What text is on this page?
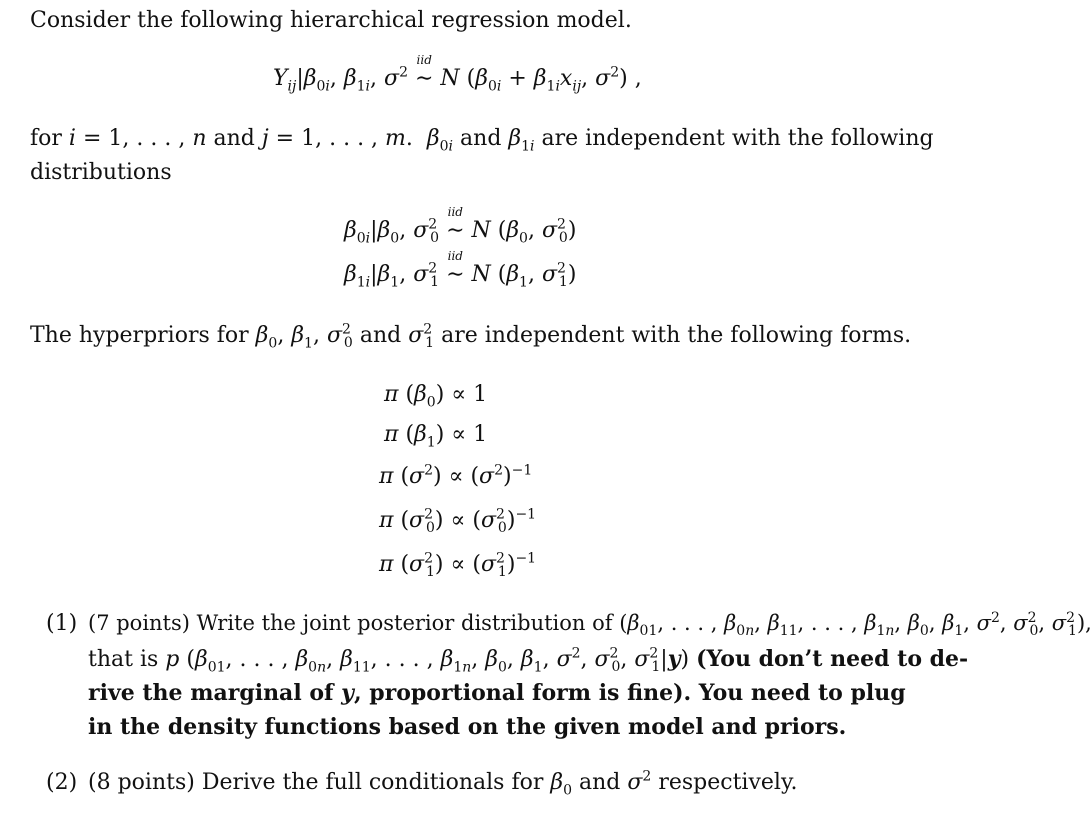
Consider the following hierarchical regression model.
$Y_{ij}|\beta_{0i}$, $\beta_{1i}$, $\sigma^2$
iid
∼ N ($\beta_{0i} + \beta_{1i}x_{ij}$, $\sigma^2$) ,
for i = 1, . . . , n and j = 1, . . . , m.  $\beta_{0i}$ and $\beta_{1i}$ are independent with the following
distributions
$\beta_{0i}|\beta_0$, $\sigma^2_0$
iid
∼ N ($\beta_0$, $\sigma^2_0$)
$\beta_{1i}|\beta_1$, $\sigma^2_1$
iid
∼ N ($\beta_1$, $\sigma^2_1$)
The hyperpriors for $\beta_0$, $\beta_1$, $\sigma^2_0$ and $\sigma^2_1$ are independent with the following forms.
π $(\beta_0) \propto 1$
π $(\beta_1) \propto 1$
π $(\sigma^2) \propto (\sigma^2)^{-1}$
π $(\sigma^2_0) \propto (\sigma^2_0)^{-1}$
π $(\sigma^2_1) \propto (\sigma^2_1)^{-1}$
(1) (7 points) Write the joint posterior distribution of ($\beta_{01}$, . . . , $\beta_{0n}$, $\beta_{11}$, . . . , $\beta_{1n}$, $\beta_0$, $\beta_1$, $\sigma^2$, $\sigma^2_0$, $\sigma^2_1$),
that is p ($\beta_{01}$, . . . , $\beta_{0n}$, $\beta_{11}$, . . . , $\beta_{1n}$, $\beta_0$, $\beta_1$, $\sigma^2$, $\sigma^2_0$, $\sigma^2_1|y$) (You don’t need to de-
rive the marginal of y, proportional form is fine). You need to plug
in the density functions based on the given model and priors.
(2) (8 points) Derive the full conditionals for $\beta_0$ and $\sigma^2$ respectively.
